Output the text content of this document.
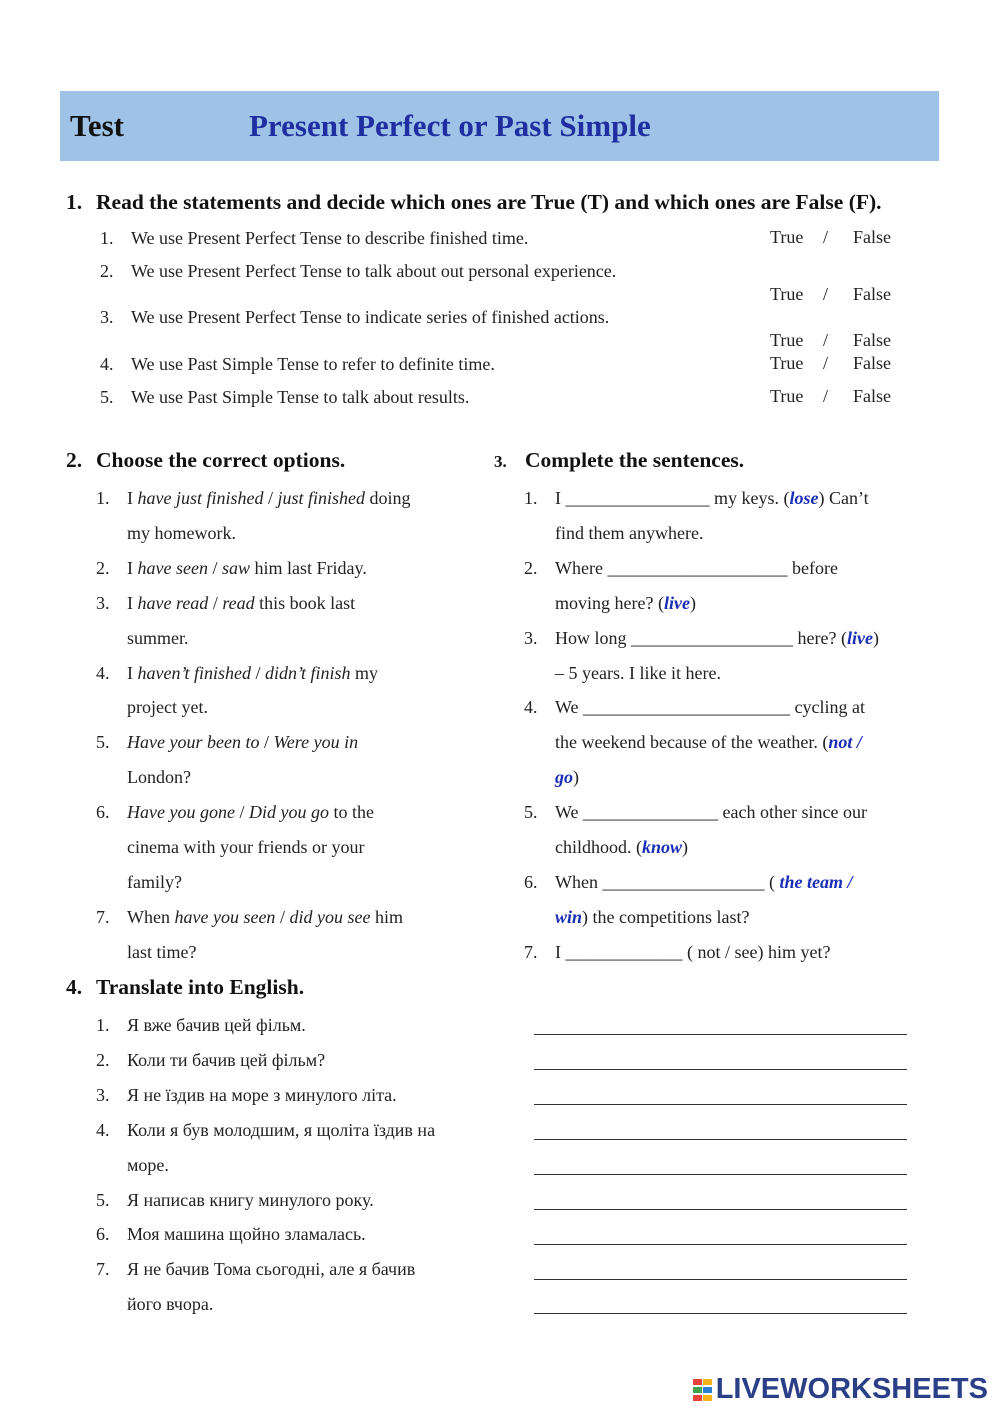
Test	Present Perfect or Past Simple
1. Read the statements and decide which ones are True (T) and which ones are False (F).
1. We use Present Perfect Tense to describe finished time.	True / False
2. We use Present Perfect Tense to talk about out personal experience.
True / False
3. We use Present Perfect Tense to indicate series of finished actions.
True / False
4. We use Past Simple Tense to refer to definite time.	True / False
5. We use Past Simple Tense to talk about results.	True / False
2. Choose the correct options.
1. I have just finished / just finished doing
my homework.
2. I have seen / saw him last Friday.
3. I have read / read this book last
summer.
4. I haven’t finished / didn’t finish my
project yet.
5. Have your been to / Were you in
London?
6. Have you gone / Did you go to the
cinema with your friends or your
family?
7. When have you seen / did you see him
last time?
3. Complete the sentences.
1. I ________________ my keys. (lose) Can’t
find them anywhere.
2. Where ____________________ before
moving here? (live)
3. How long __________________ here? (live)
– 5 years. I like it here.
4. We _______________________ cycling at
the weekend because of the weather. (not /
go)
5. We _______________ each other since our
childhood. (know)
6. When __________________ ( the team /
win) the competitions last?
7. I _____________ ( not / see) him yet?
4. Translate into English.
1. Я вже бачив цей фільм.
2. Коли ти бачив цей фільм?
3. Я не їздив на море з минулого літа.
4. Коли я був молодшим, я щоліта їздив на
море.
5. Я написав книгу минулого року.
6. Моя машина щойно зламалась.
7. Я не бачив Тома сьогодні, але я бачив
його вчора.
LIVEWORKSHEETS
